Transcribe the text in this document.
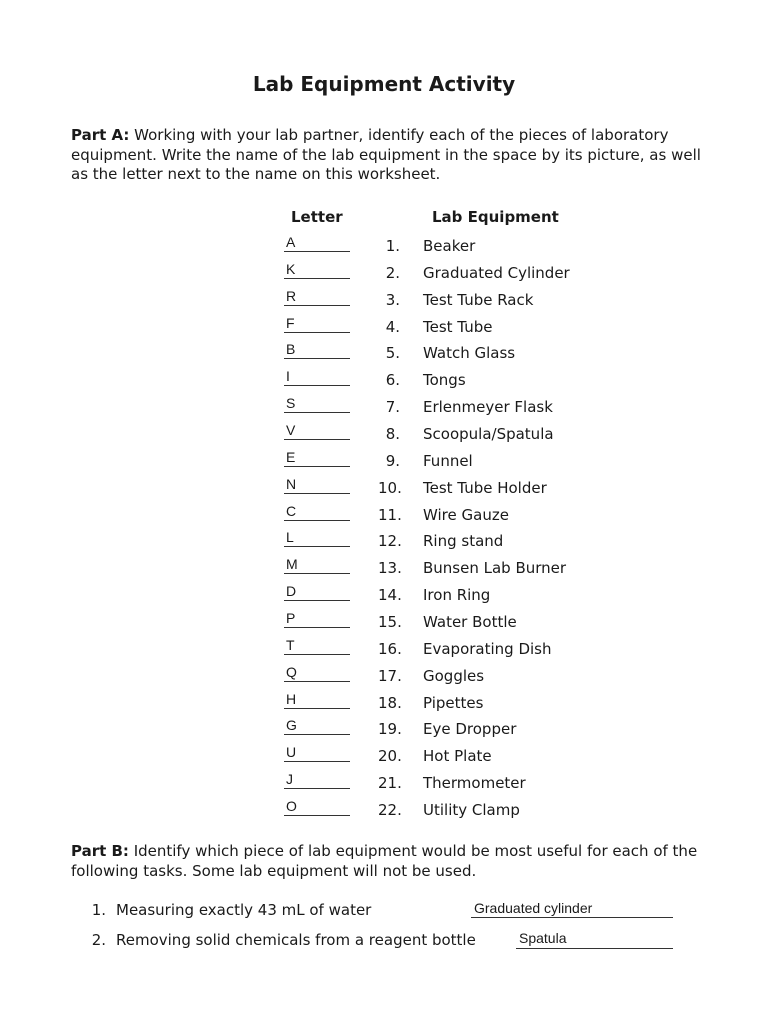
Lab Equipment Activity
Part A: Working with your lab partner, identify each of the pieces of laboratory equipment. Write the name of the lab equipment in the space by its picture, as well as the letter next to the name on this worksheet.
Letter	Lab Equipment
A	1. Beaker
K	2. Graduated Cylinder
R	3. Test Tube Rack
F	4. Test Tube
B	5. Watch Glass
I	6. Tongs
S	7. Erlenmeyer Flask
V	8. Scoopula/Spatula
E	9. Funnel
N	10. Test Tube Holder
C	11. Wire Gauze
L	12. Ring stand
M	13. Bunsen Lab Burner
D	14. Iron Ring
P	15. Water Bottle
T	16. Evaporating Dish
Q	17. Goggles
H	18. Pipettes
G	19. Eye Dropper
U	20. Hot Plate
J	21. Thermometer
O	22. Utility Clamp
Part B: Identify which piece of lab equipment would be most useful for each of the following tasks. Some lab equipment will not be used.
1. Measuring exactly 43 mL of water	Graduated cylinder
2. Removing solid chemicals from a reagent bottle	Spatula
